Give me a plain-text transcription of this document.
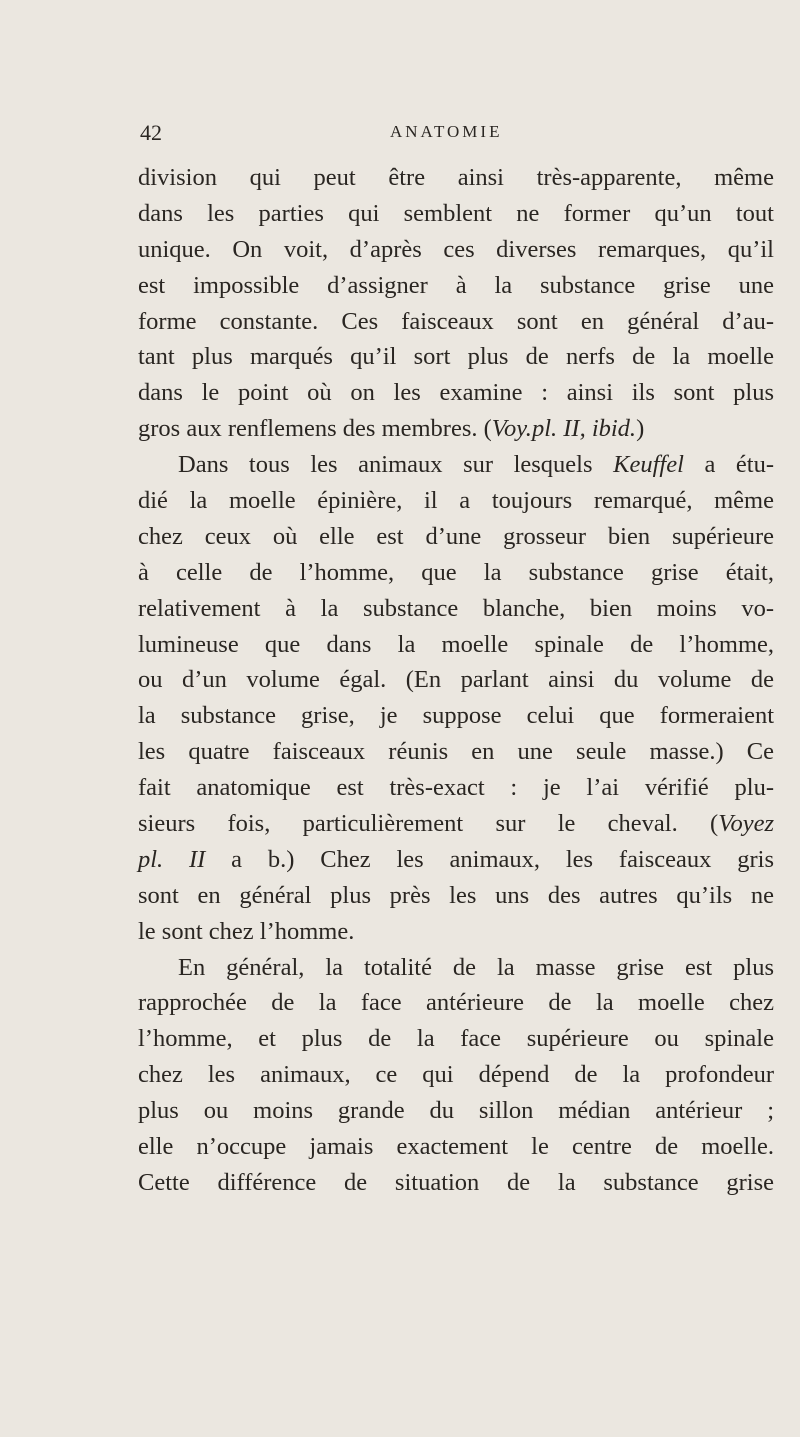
42	ANATOMIE
division qui peut être ainsi très-apparente, même
dans les parties qui semblent ne former qu’un tout
unique. On voit, d’après ces diverses remarques, qu’il
est impossible d’assigner à la substance grise une
forme constante. Ces faisceaux sont en général d’au-
tant plus marqués qu’il sort plus de nerfs de la moelle
dans le point où on les examine : ainsi ils sont plus
gros aux renflemens des membres. (Voy.pl. II, ibid.)
Dans tous les animaux sur lesquels Keuffel a étu-
dié la moelle épinière, il a toujours remarqué, même
chez ceux où elle est d’une grosseur bien supérieure
à celle de l’homme, que la substance grise était,
relativement à la substance blanche, bien moins vo-
lumineuse que dans la moelle spinale de l’homme,
ou d’un volume égal. (En parlant ainsi du volume de
la substance grise, je suppose celui que formeraient
les quatre faisceaux réunis en une seule masse.) Ce
fait anatomique est très-exact : je l’ai vérifié plu-
sieurs fois, particulièrement sur le cheval. (Voyez
pl. II a b.) Chez les animaux, les faisceaux gris
sont en général plus près les uns des autres qu’ils ne
le sont chez l’homme.
En général, la totalité de la masse grise est plus
rapprochée de la face antérieure de la moelle chez
l’homme, et plus de la face supérieure ou spinale
chez les animaux, ce qui dépend de la profondeur
plus ou moins grande du sillon médian antérieur ;
elle n’occupe jamais exactement le centre de moelle.
Cette différence de situation de la substance grise
